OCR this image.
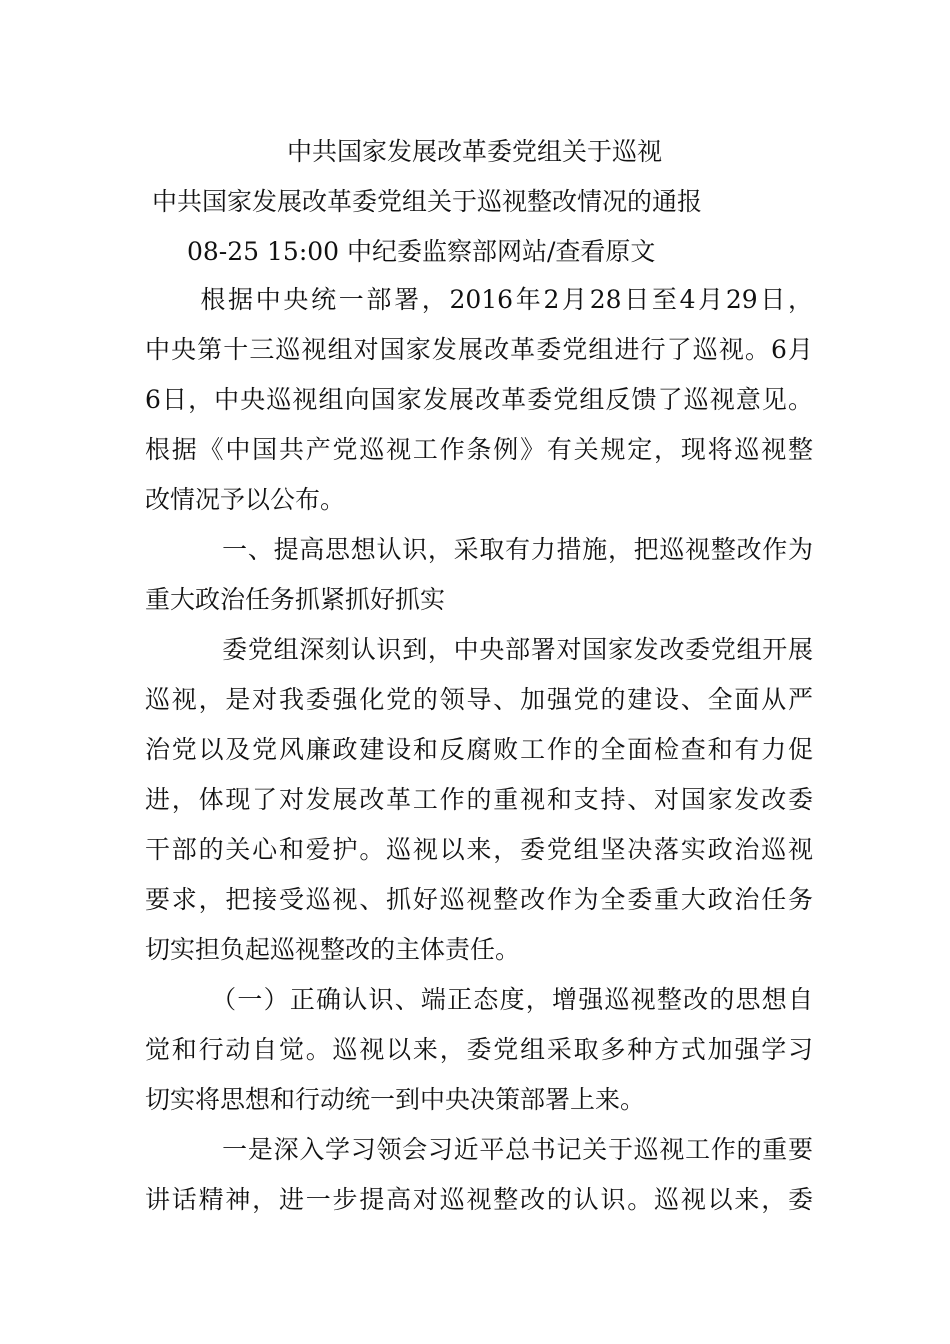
中共国家发展改革委党组关于巡视
中共国家发展改革委党组关于巡视整改情况的通报
08-25 15:00 中纪委监察部网站/查看原文
　　根据中央统一部署，2016年2月28日至4月29日，
中央第十三巡视组对国家发展改革委党组进行了巡视。6月
6日，中央巡视组向国家发展改革委党组反馈了巡视意见。
根据《中国共产党巡视工作条例》有关规定，现将巡视整
改情况予以公布。
　　　一、提高思想认识，采取有力措施，把巡视整改作为
重大政治任务抓紧抓好抓实
　　　委党组深刻认识到，中央部署对国家发改委党组开展
巡视，是对我委强化党的领导、加强党的建设、全面从严
治党以及党风廉政建设和反腐败工作的全面检查和有力促
进，体现了对发展改革工作的重视和支持、对国家发改委
干部的关心和爱护。巡视以来，委党组坚决落实政治巡视
要求，把接受巡视、抓好巡视整改作为全委重大政治任务
切实担负起巡视整改的主体责任。
　　　（一）正确认识、端正态度，增强巡视整改的思想自
觉和行动自觉。巡视以来，委党组采取多种方式加强学习
切实将思想和行动统一到中央决策部署上来。
　　　一是深入学习领会习近平总书记关于巡视工作的重要
讲话精神，进一步提高对巡视整改的认识。巡视以来，委
